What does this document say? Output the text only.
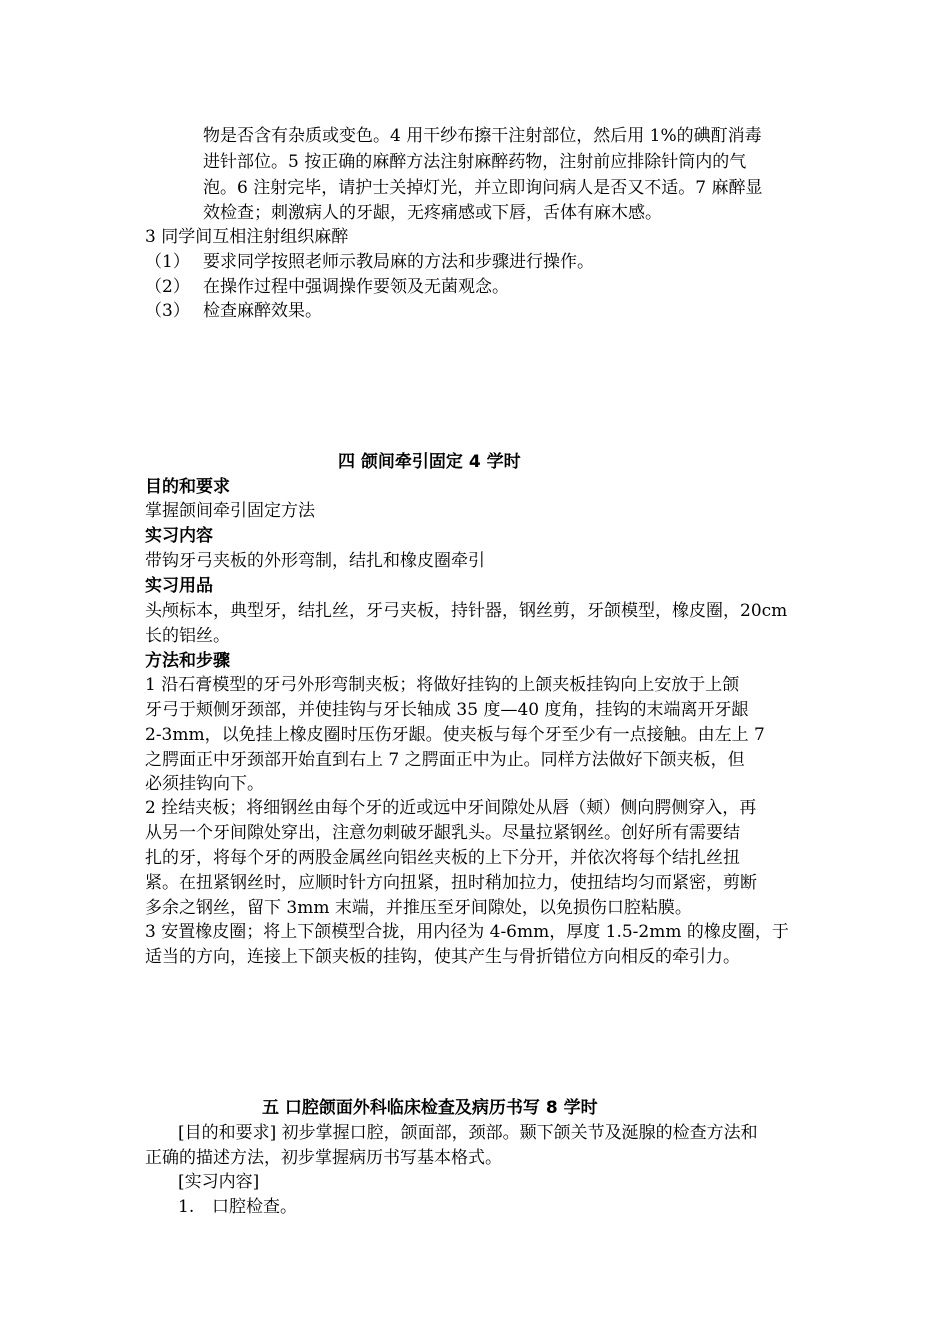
物是否含有杂质或变色。4 用干纱布擦干注射部位，然后用 1%的碘酊消毒
进针部位。5 按正确的麻醉方法注射麻醉药物，注射前应排除针筒内的气
泡。6 注射完毕，请护士关掉灯光，并立即询问病人是否又不适。7 麻醉显
效检查；刺激病人的牙龈，无疼痛感或下唇，舌体有麻木感。
3 同学间互相注射组织麻醉
（1） 要求同学按照老师示教局麻的方法和步骤进行操作。
（2） 在操作过程中强调操作要领及无菌观念。
（3） 检查麻醉效果。
四 颌间牵引固定 4 学时
目的和要求
掌握颌间牵引固定方法
实习内容
带钩牙弓夹板的外形弯制，结扎和橡皮圈牵引
实习用品
头颅标本，典型牙，结扎丝，牙弓夹板，持针器，钢丝剪，牙颌模型，橡皮圈，20cm
长的铝丝。
方法和步骤
1 沿石膏模型的牙弓外形弯制夹板；将做好挂钩的上颌夹板挂钩向上安放于上颌
牙弓于颊侧牙颈部，并使挂钩与牙长轴成 35 度—40 度角，挂钩的末端离开牙龈
2-3mm，以免挂上橡皮圈时压伤牙龈。使夹板与每个牙至少有一点接触。由左上 7
之腭面正中牙颈部开始直到右上 7 之腭面正中为止。同样方法做好下颌夹板，但
必须挂钩向下。
2 拴结夹板；将细钢丝由每个牙的近或远中牙间隙处从唇（颊）侧向腭侧穿入，再
从另一个牙间隙处穿出，注意勿刺破牙龈乳头。尽量拉紧钢丝。创好所有需要结
扎的牙，将每个牙的两股金属丝向铝丝夹板的上下分开，并依次将每个结扎丝扭
紧。在扭紧钢丝时，应顺时针方向扭紧，扭时稍加拉力，使扭结均匀而紧密，剪断
多余之钢丝，留下 3mm 末端，并推压至牙间隙处，以免损伤口腔粘膜。
3 安置橡皮圈；将上下颌模型合拢，用内径为 4-6mm，厚度 1.5-2mm 的橡皮圈，于
适当的方向，连接上下颌夹板的挂钩，使其产生与骨折错位方向相反的牵引力。
五 口腔颌面外科临床检查及病历书写 8 学时
[目的和要求] 初步掌握口腔，颌面部，颈部。颞下颌关节及涎腺的检查方法和
正确的描述方法，初步掌握病历书写基本格式。
[实习内容]
1. 口腔检查。
